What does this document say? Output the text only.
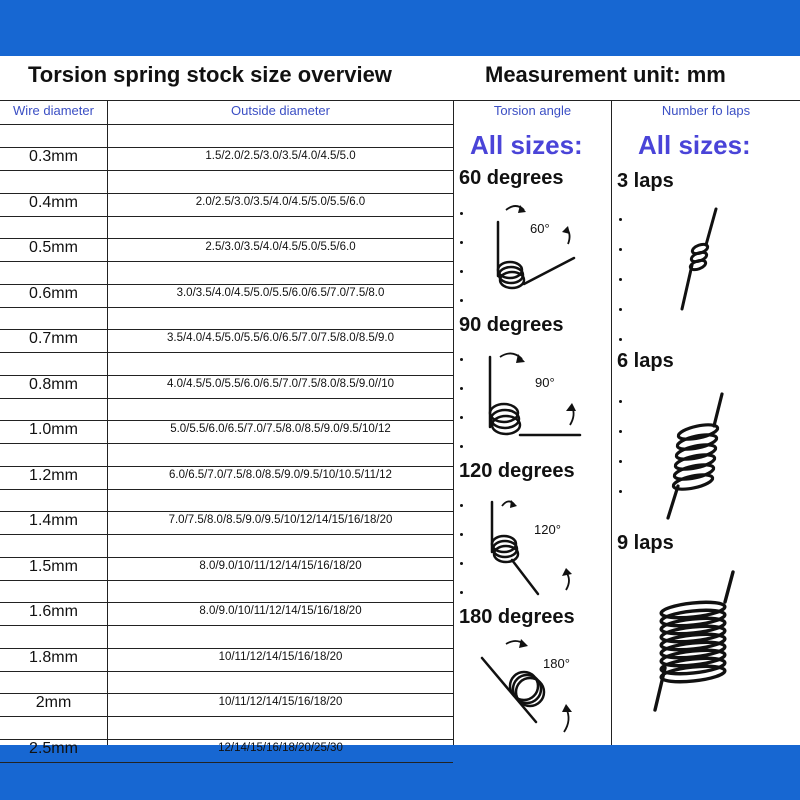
Torsion spring stock size overview	Measurement unit: mm
Wire diameter	Outside diameter	Torsion angle	Number fo laps
0.3mm	1.5/2.0/2.5/3.0/3.5/4.0/4.5/5.0
0.4mm	2.0/2.5/3.0/3.5/4.0/4.5/5.0/5.5/6.0
0.5mm	2.5/3.0/3.5/4.0/4.5/5.0/5.5/6.0
0.6mm	3.0/3.5/4.0/4.5/5.0/5.5/6.0/6.5/7.0/7.5/8.0
0.7mm	3.5/4.0/4.5/5.0/5.5/6.0/6.5/7.0/7.5/8.0/8.5/9.0
0.8mm	4.0/4.5/5.0/5.5/6.0/6.5/7.0/7.5/8.0/8.5/9.0//10
1.0mm	5.0/5.5/6.0/6.5/7.0/7.5/8.0/8.5/9.0/9.5/10/12
1.2mm	6.0/6.5/7.0/7.5/8.0/8.5/9.0/9.5/10/10.5/11/12
1.4mm	7.0/7.5/8.0/8.5/9.0/9.5/10/12/14/15/16/18/20
1.5mm	8.0/9.0/10/11/12/14/15/16/18/20
1.6mm	8.0/9.0/10/11/12/14/15/16/18/20
1.8mm	10/11/12/14/15/16/18/20
2mm	10/11/12/14/15/16/18/20
2.5mm	12/14/15/16/18/20/25/30
All sizes: All sizes:
60 degrees
90 degrees
120 degrees
180 degrees
60°
90°
120°
180°
3 laps
6 laps
9 laps
